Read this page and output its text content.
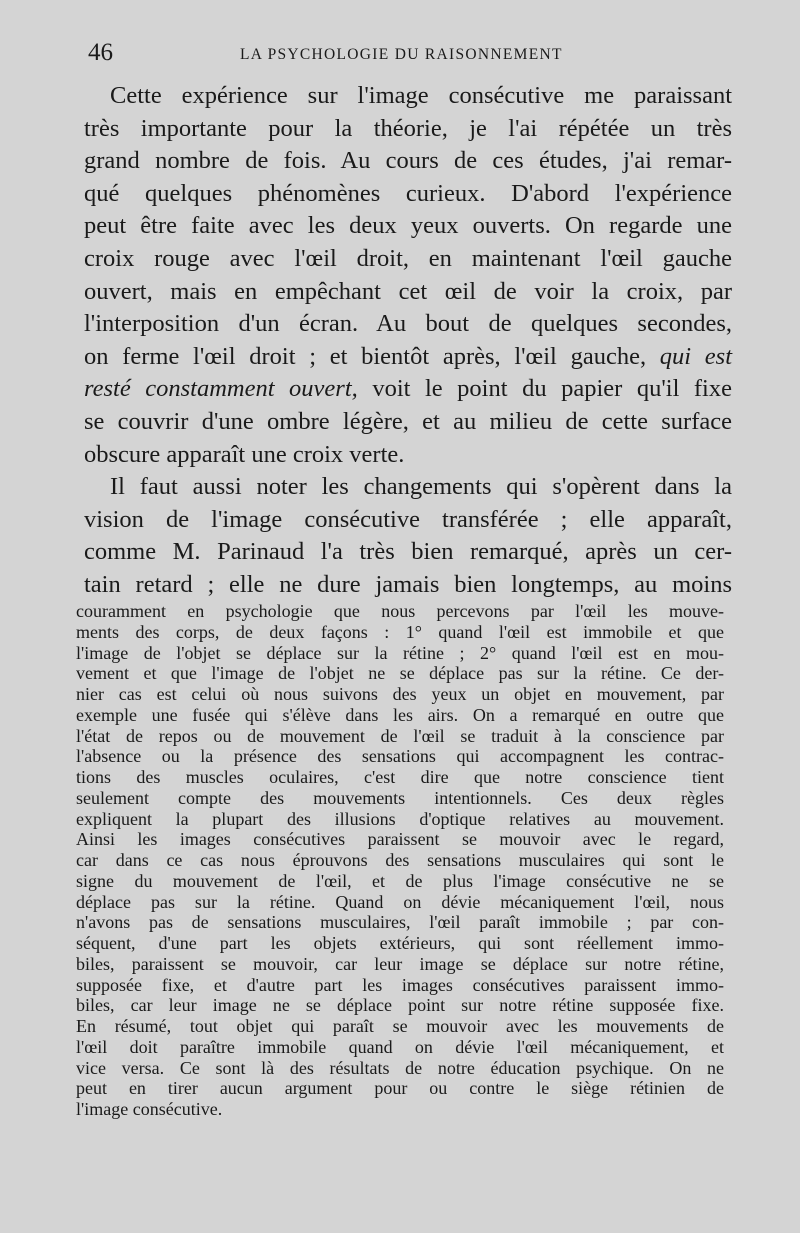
46	LA PSYCHOLOGIE DU RAISONNEMENT
Cette expérience sur l'image consécutive me paraissant
très importante pour la théorie, je l'ai répétée un très
grand nombre de fois. Au cours de ces études, j'ai remar-
qué quelques phénomènes curieux. D'abord l'expérience
peut être faite avec les deux yeux ouverts. On regarde une
croix rouge avec l'œil droit, en maintenant l'œil gauche
ouvert, mais en empêchant cet œil de voir la croix, par
l'interposition d'un écran. Au bout de quelques secondes,
on ferme l'œil droit ; et bientôt après, l'œil gauche, qui est
resté constamment ouvert, voit le point du papier qu'il fixe
se couvrir d'une ombre légère, et au milieu de cette surface
obscure apparaît une croix verte.
Il faut aussi noter les changements qui s'opèrent dans la
vision de l'image consécutive transférée ; elle apparaît,
comme M. Parinaud l'a très bien remarqué, après un cer-
tain retard ; elle ne dure jamais bien longtemps, au moins
couramment en psychologie que nous percevons par l'œil les mouve-
ments des corps, de deux façons : 1° quand l'œil est immobile et que
l'image de l'objet se déplace sur la rétine ; 2° quand l'œil est en mou-
vement et que l'image de l'objet ne se déplace pas sur la rétine. Ce der-
nier cas est celui où nous suivons des yeux un objet en mouvement, par
exemple une fusée qui s'élève dans les airs. On a remarqué en outre que
l'état de repos ou de mouvement de l'œil se traduit à la conscience par
l'absence ou la présence des sensations qui accompagnent les contrac-
tions des muscles oculaires, c'est dire que notre conscience tient
seulement compte des mouvements intentionnels. Ces deux règles
expliquent la plupart des illusions d'optique relatives au mouvement.
Ainsi les images consécutives paraissent se mouvoir avec le regard,
car dans ce cas nous éprouvons des sensations musculaires qui sont le
signe du mouvement de l'œil, et de plus l'image consécutive ne se
déplace pas sur la rétine. Quand on dévie mécaniquement l'œil, nous
n'avons pas de sensations musculaires, l'œil paraît immobile ; par con-
séquent, d'une part les objets extérieurs, qui sont réellement immo-
biles, paraissent se mouvoir, car leur image se déplace sur notre rétine,
supposée fixe, et d'autre part les images consécutives paraissent immo-
biles, car leur image ne se déplace point sur notre rétine supposée fixe.
En résumé, tout objet qui paraît se mouvoir avec les mouvements de
l'œil doit paraître immobile quand on dévie l'œil mécaniquement, et
vice versa. Ce sont là des résultats de notre éducation psychique. On ne
peut en tirer aucun argument pour ou contre le siège rétinien de
l'image consécutive.
